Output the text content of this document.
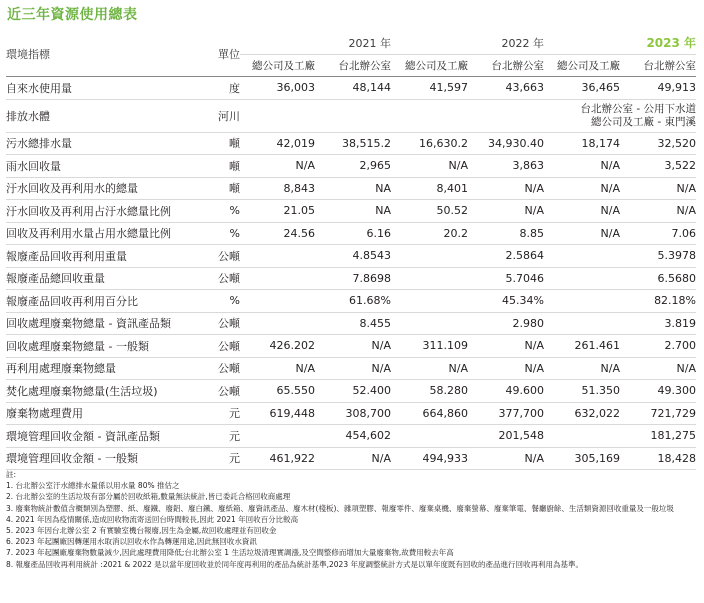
近三年資源使用總表
環境指標	單位	2021 年		2022 年		2023 年	
		總公司及工廠	台北辦公室	總公司及工廠	台北辦公室	總公司及工廠	台北辦公室
自來水使用量	度	36,003	48,144	41,597	43,663	36,465	49,913
排放水體	河川					台北辦公室 - 公用下水道
總公司及工廠 - 東門溪	

污水總排水量	噸	42,019	38,515.2	16,630.2	34,930.40	18,174	32,520
雨水回收量	噸	N/A	2,965	N/A	3,863	N/A	3,522
汙水回收及再利用水的總量	噸	8,843	NA	8,401	N/A	N/A	N/A
汙水回收及再利用占汙水總量比例	%	21.05	NA	50.52	N/A	N/A	N/A
回收及再利用水量占用水總量比例	%	24.56	6.16	20.2	8.85	N/A	7.06
報廢產品回收再利用重量	公噸	4.8543		2.5864		5.3978	
報廢產品總回收重量	公噸	7.8698		5.7046		6.5680	
報廢產品回收再利用百分比	%	61.68%		45.34%		82.18%	
回收處理廢棄物總量 - 資訊產品類	公噸	8.455		2.980		3.819	
回收處理廢棄物總量 - 一般類	公噸	426.202	N/A	311.109	N/A	261.461	2.700
再利用處理廢棄物總量	公噸	N/A	N/A	N/A	N/A	N/A	N/A
焚化處理廢棄物總量(生活垃圾)	公噸	65.550	52.400	58.280	49.600	51.350	49.300
廢棄物處理費用	元	619,448	308,700	664,860	377,700	632,022	721,729
環境管理回收金額 - 資訊產品類	元	454,602		201,548		181,275	
環境管理回收金額 - 一般類	元	461,922	N/A	494,933	N/A	305,169	18,428
註:
1. 台北辦公室汙水總排水量係以用水量 80% 推估之
2. 台北辦公室的生活垃圾有部分屬於回收紙箱,數量無法統計,皆已委託合格回收商處理
3. 廢棄物統計數值含概類別為塑膠、紙、廢鐵、廢鋁、廢白鐵、廢紙箱、廢資訊產品、廢木材(棧板)、雜項塑膠、報廢零件、廢棄桌機、廢棄螢幕、廢棄筆電、餐廳廚餘、生活類資源回收重量及一般垃圾
4. 2021 年因為疫情關係,造成回收物流寄送回台時間較長,因此 2021 年回收百分比較高
5. 2023 年因台北辦公室 2 有實驗室機台報廢,因生為金屬,故回收處理並有回收金
6. 2023 年起團廠因轉運用水取消以回收水作為轉運用途,因此無回收水資訊
7. 2023 年起團廠廢棄物數量減少,因此處理費用降低;台北辦公室 1 生活垃圾清理實調漲,及空間整修而增加大量廢棄物,故費用較去年高
8. 報廢產品回收再利用統計 :2021 & 2022 是以當年度回收並於同年度再利用的產品為統計基準,2023 年度調整統計方式是以單年度既有回收的產品進行回收再利用為基準。
